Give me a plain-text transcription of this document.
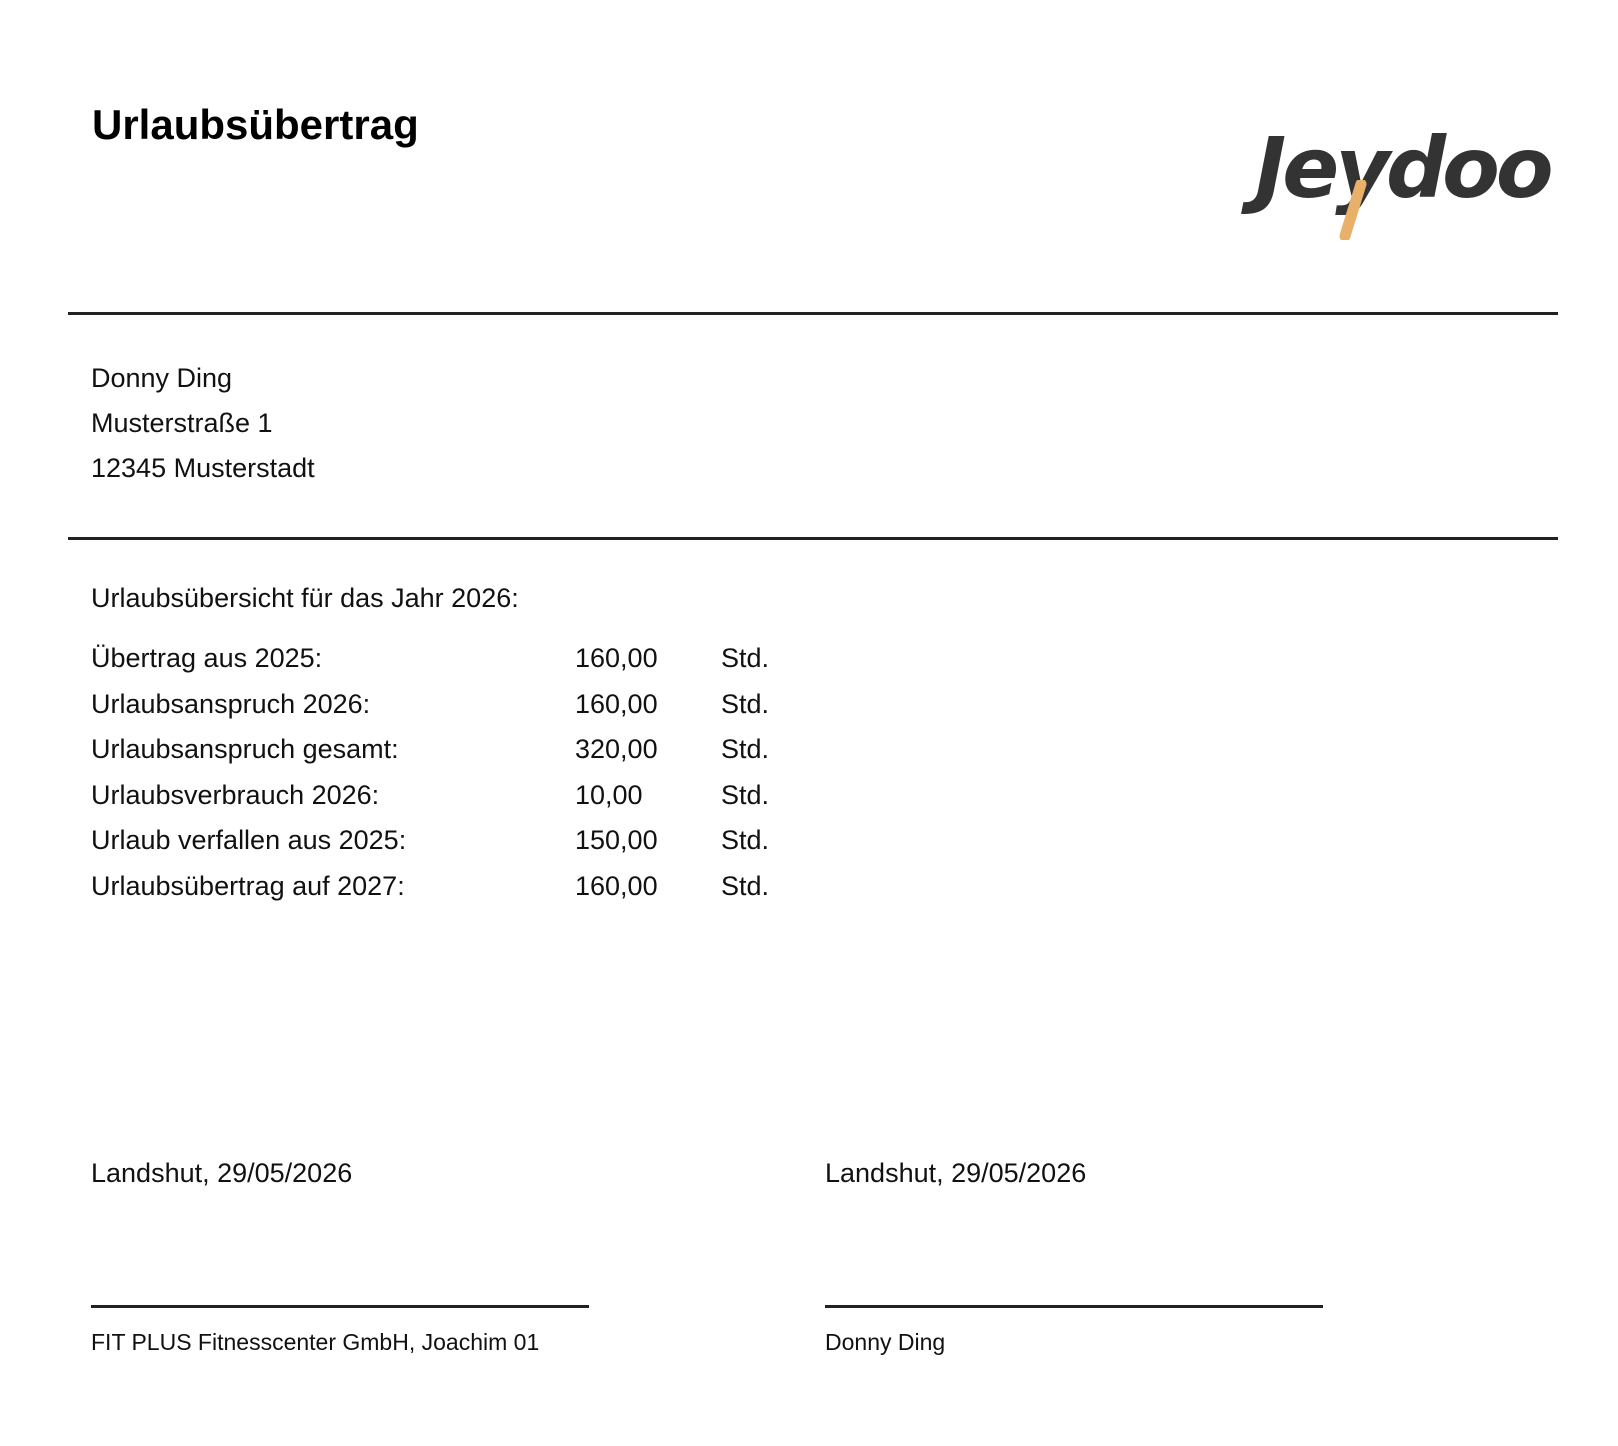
Urlaubsübertrag	Jeydoo
Donny Ding
Musterstraße 1
12345 Musterstadt
Urlaubsübersicht für das Jahr 2026:
Übertrag aus 2025:	160,00 Std.
Urlaubsanspruch 2026:	160,00 Std.
Urlaubsanspruch gesamt:	320,00 Std.
Urlaubsverbrauch 2026:	10,00	Std.
Urlaub verfallen aus 2025:	150,00 Std.
Urlaubsübertrag auf 2027:	160,00 Std.
Landshut, 29/05/2026	Landshut, 29/05/2026
FIT PLUS Fitnesscenter GmbH, Joachim 01	Donny Ding
